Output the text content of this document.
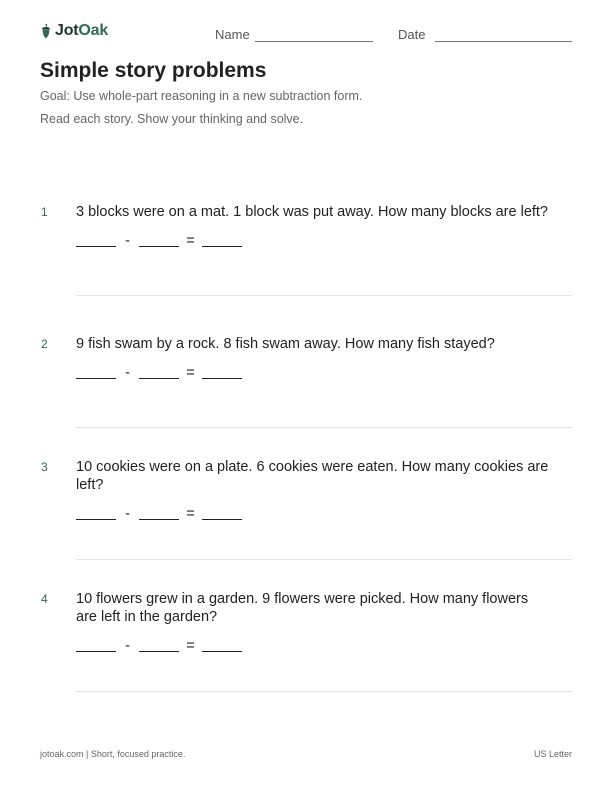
JotOak	Name	Date
Simple story problems

Goal: Use whole-part reasoning in a new subtraction form.

Read each story. Show your thinking and solve.

1 3 blocks were on a mat. 1 block was put away. How many blocks are left?
-	=
2 9 fish swam by a rock. 8 fish swam away. How many fish stayed?
-	=
3 10 cookies were on a plate. 6 cookies were eaten. How many cookies are left?
-	=
4 10 flowers grew in a garden. 9 flowers were picked. How many flowers are left in the garden?
-	=
jotoak.com | Short, focused practice.	US Letter
